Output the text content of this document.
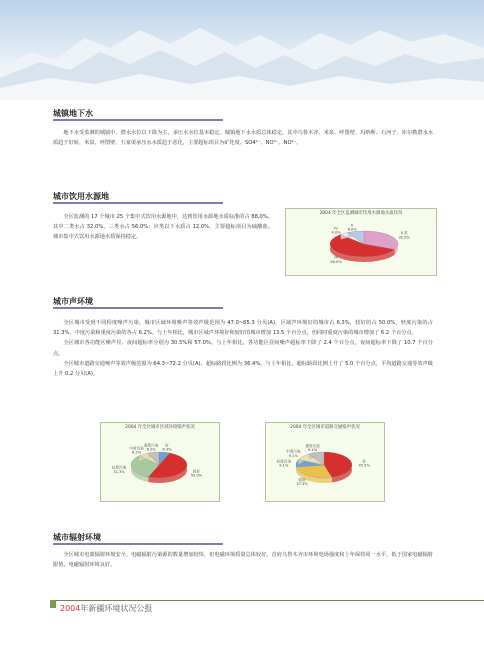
城镇地下水

地下水受监测的城镇中，潜水水位以下降为主，承压水水位基本稳定。城镇地下水水质总体稳定，其中乌鲁木齐、米泉、呼图壁、玛纳斯、石河子、库尔勒潜水水质趋于好转，米泉、呼图壁、五家渠承压水水质趋于恶化，主要超标项目为矿化度、SO4²⁻、NO³⁻、NO²⁻。

城市饮用水源地

全区监测的 17 个城市 25 个集中式饮用水源地中，达到饮用水源地水质标准的占 88.0%。其中二类水占 32.0%，三类水占 56.0%；应类以下水质占 12.0%，主要超标项目为硫酸盐。城市集中式饮用水源地水质保持稳定。

2004 年全区监测城市饮用水源地水质状况
II 类
32.0%
III
56.0%
IV
4.0%
V
8.0%
城市声环境

全区城市受到不同程度噪声污染。城市区域环境噪声等效声级范围为 47.0~65.3 分贝(A)，区域声环境好的城市占 6.3%，较好的占 50.0%，轻度污染的占 31.3%，中度污染和重度污染的各占 6.2%。与上年相比，城市区域声环境好和较好的城市增加 13.5 个百分点，但同时重度污染的城市增加了 6.2 个百分点。

全区城市各功能区噪声昼、夜间超标率分别为 30.5%和 57.0%。与上年相比，各功能区昼间噪声超标率下降了 2.4 个百分点，夜间超标率下降了 10.7 个百分点。

全区城市道路交通噪声等效声级范围为 64.3~72.2 分贝(A)，超标路段比例为 36.4%。与上年相比，超标路段比例上升了 5.0 个百分点，平均道路交通等效声级上升 0.2 分贝(A)。

2004 年全区城市区域环境噪声状况
好
6.3%
较好
50.0%
轻度污染
31.3%
中度污染
6.2%
重度污染
6.2%
2004 年全区城市道路交通噪声状况
好
45.5%
较好
27.3%
轻度污染
9.1%
中度污染
9.1%
重度污染
9.1%
城市辐射环境

全区城市电离辐射环境安全。电磁辐射污染源的数量增加较快，但电磁环境质量总体较好。首府乌鲁木齐市环境电场强度和上年保持同一水平，低于国家电磁辐射限值，电磁辐射环境良好。

2004年新疆环境状况公报
